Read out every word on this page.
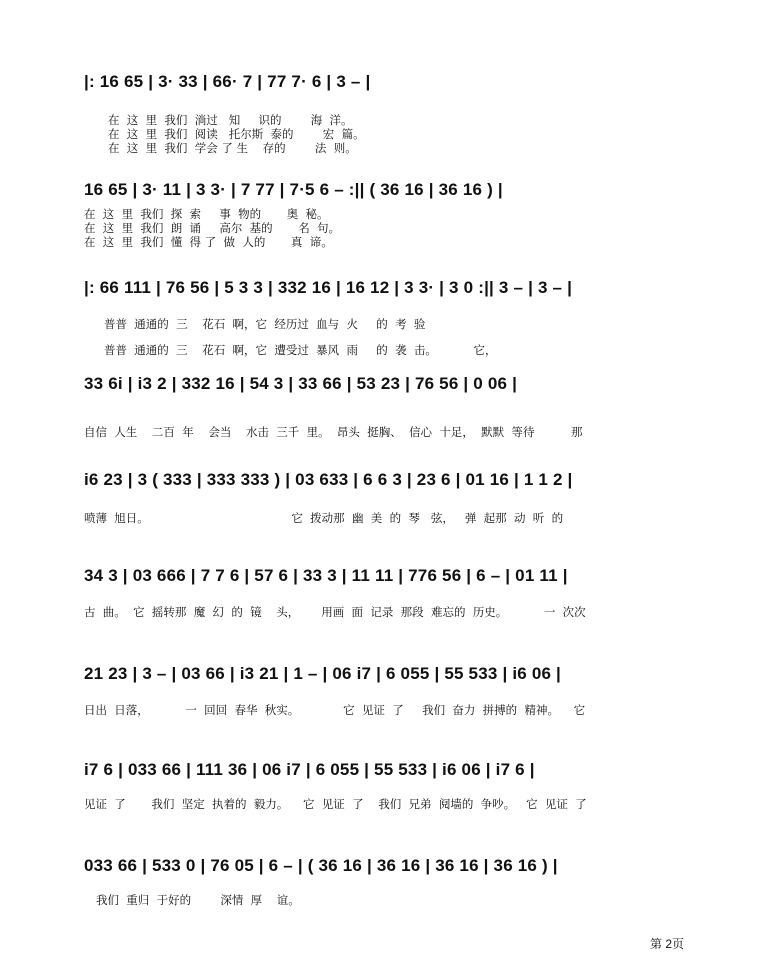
|: 16 65 | 3· 33 | 66· 7 | 77 7· 6 | 3 – |
在  这  里  我们  淌过   知     识的        海  洋。
在  这  里  我们  阅读   托尔斯  泰的        宏  篇。
在  这  里  我们  学会 了 生    存的        法  则。
16 65 | 3· 11 | 3 3· | 7 77 | 7·5 6 – :|| ( 36 16 | 36 16 ) |
在  这  里  我们  探  索     事  物的       奥  秘。
在  这  里  我们  朗  诵     高尔  基的       名  句。
在  这  里  我们  懂  得 了  做  人的       真  谛。
|: 66 111 | 76 56 | 5 3 3 | 332 16 | 16 12 | 3 3· | 3 0 :|| 3 – | 3 – |
普普  通通的  三    花石  啊，它  经历过  血与  火     的  考  验
普普  通通的  三    花石  啊，它  遭受过  暴风  雨     的  袭  击。          它，
33 6i | i3 2 | 332 16 | 54 3 | 33 66 | 53 23 | 76 56 | 0 06 |
自信  人生    二百  年    会当    水击  三千  里。  昂头  挺胸、  信心  十足，  默默  等待          那
i6 23 | 3 ( 333 | 333 333 ) | 03 633 | 6 6 3 | 23 6 | 01 16 | 1 1 2 |
喷薄  旭日。                                       它  拨动那  幽  美  的  琴   弦，   弹  起那  动  听  的
34 3 | 03 666 | 7 7 6 | 57 6 | 33 3 | 11 11 | 776 56 | 6 – | 01 11 |
古  曲。  它  摇转那  魔  幻  的  镜    头，      用画  面  记录  那段  难忘的  历史。          一  次次
21 23 | 3 – | 03 66 | i3 21 | 1 – | 06 i7 | 6 055 | 55 533 | i6 06 |
日出  日落，          一  回回  春华  秋实。            它  见证  了     我们  奋力  拼搏的  精神。    它
i7 6 | 033 66 | 111 36 | 06 i7 | 6 055 | 55 533 | i6 06 | i7 6 |
见证  了       我们  坚定  执着的  毅力。    它  见证  了    我们  兄弟  阋墙的  争吵。   它  见证  了
033 66 | 533 0 | 76 05 | 6 – | ( 36 16 | 36 16 | 36 16 | 36 16 ) |
我们  重归  于好的        深情  厚    谊。
第 2页
